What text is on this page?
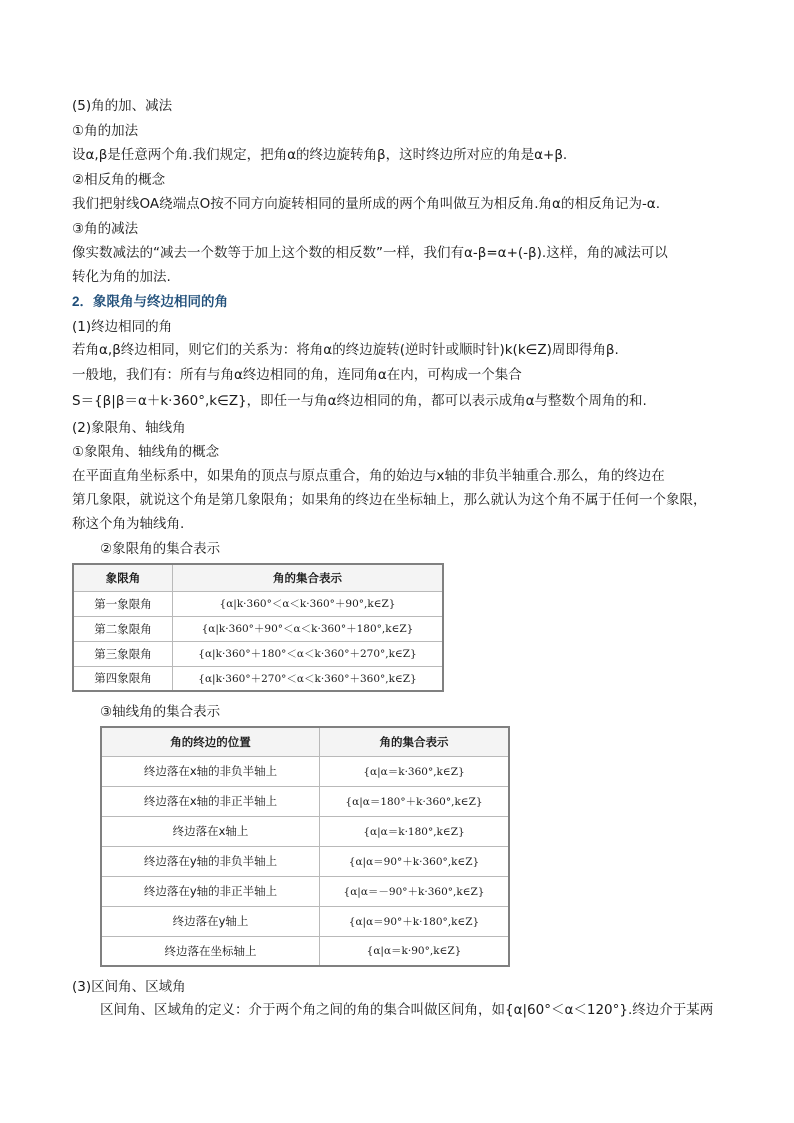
(5)角的加、减法
①角的加法
设α,β是任意两个角.我们规定，把角α的终边旋转角β，这时终边所对应的角是α+β.
②相反角的概念
我们把射线OA绕端点O按不同方向旋转相同的量所成的两个角叫做互为相反角.角α的相反角记为-α.
③角的减法
像实数减法的“减去一个数等于加上这个数的相反数”一样，我们有α-β=α+(-β).这样，角的减法可以
转化为角的加法.
2．象限角与终边相同的角
(1)终边相同的角
若角α,β终边相同，则它们的关系为：将角α的终边旋转(逆时针或顺时针)k(k∈Z)周即得角β.
一般地，我们有：所有与角α终边相同的角，连同角α在内，可构成一个集合
S＝{β|β＝α＋k·360°,k∈Z}，即任一与角α终边相同的角，都可以表示成角α与整数个周角的和.
(2)象限角、轴线角
①象限角、轴线角的概念
在平面直角坐标系中，如果角的顶点与原点重合，角的始边与x轴的非负半轴重合.那么，角的终边在
第几象限，就说这个角是第几象限角；如果角的终边在坐标轴上，那么就认为这个角不属于任何一个象限，
称这个角为轴线角.
②象限角的集合表示
象限角	角的集合表示
第一象限角	{α|k·360°＜α＜k·360°＋90°,k∈Z}
第二象限角	{α|k·360°＋90°＜α＜k·360°＋180°,k∈Z}
第三象限角	{α|k·360°＋180°＜α＜k·360°＋270°,k∈Z}
第四象限角	{α|k·360°＋270°＜α＜k·360°＋360°,k∈Z}
③轴线角的集合表示
角的终边的位置	角的集合表示
终边落在x轴的非负半轴上	{α|α＝k·360°,k∈Z}
终边落在x轴的非正半轴上	{α|α＝180°＋k·360°,k∈Z}
终边落在x轴上	{α|α＝k·180°,k∈Z}
终边落在y轴的非负半轴上	{α|α＝90°＋k·360°,k∈Z}
终边落在y轴的非正半轴上	{α|α＝－90°＋k·360°,k∈Z}
终边落在y轴上	{α|α＝90°＋k·180°,k∈Z}
终边落在坐标轴上	{α|α＝k·90°,k∈Z}
(3)区间角、区域角
区间角、区域角的定义：介于两个角之间的角的集合叫做区间角，如{α|60°＜α＜120°}.终边介于某两
